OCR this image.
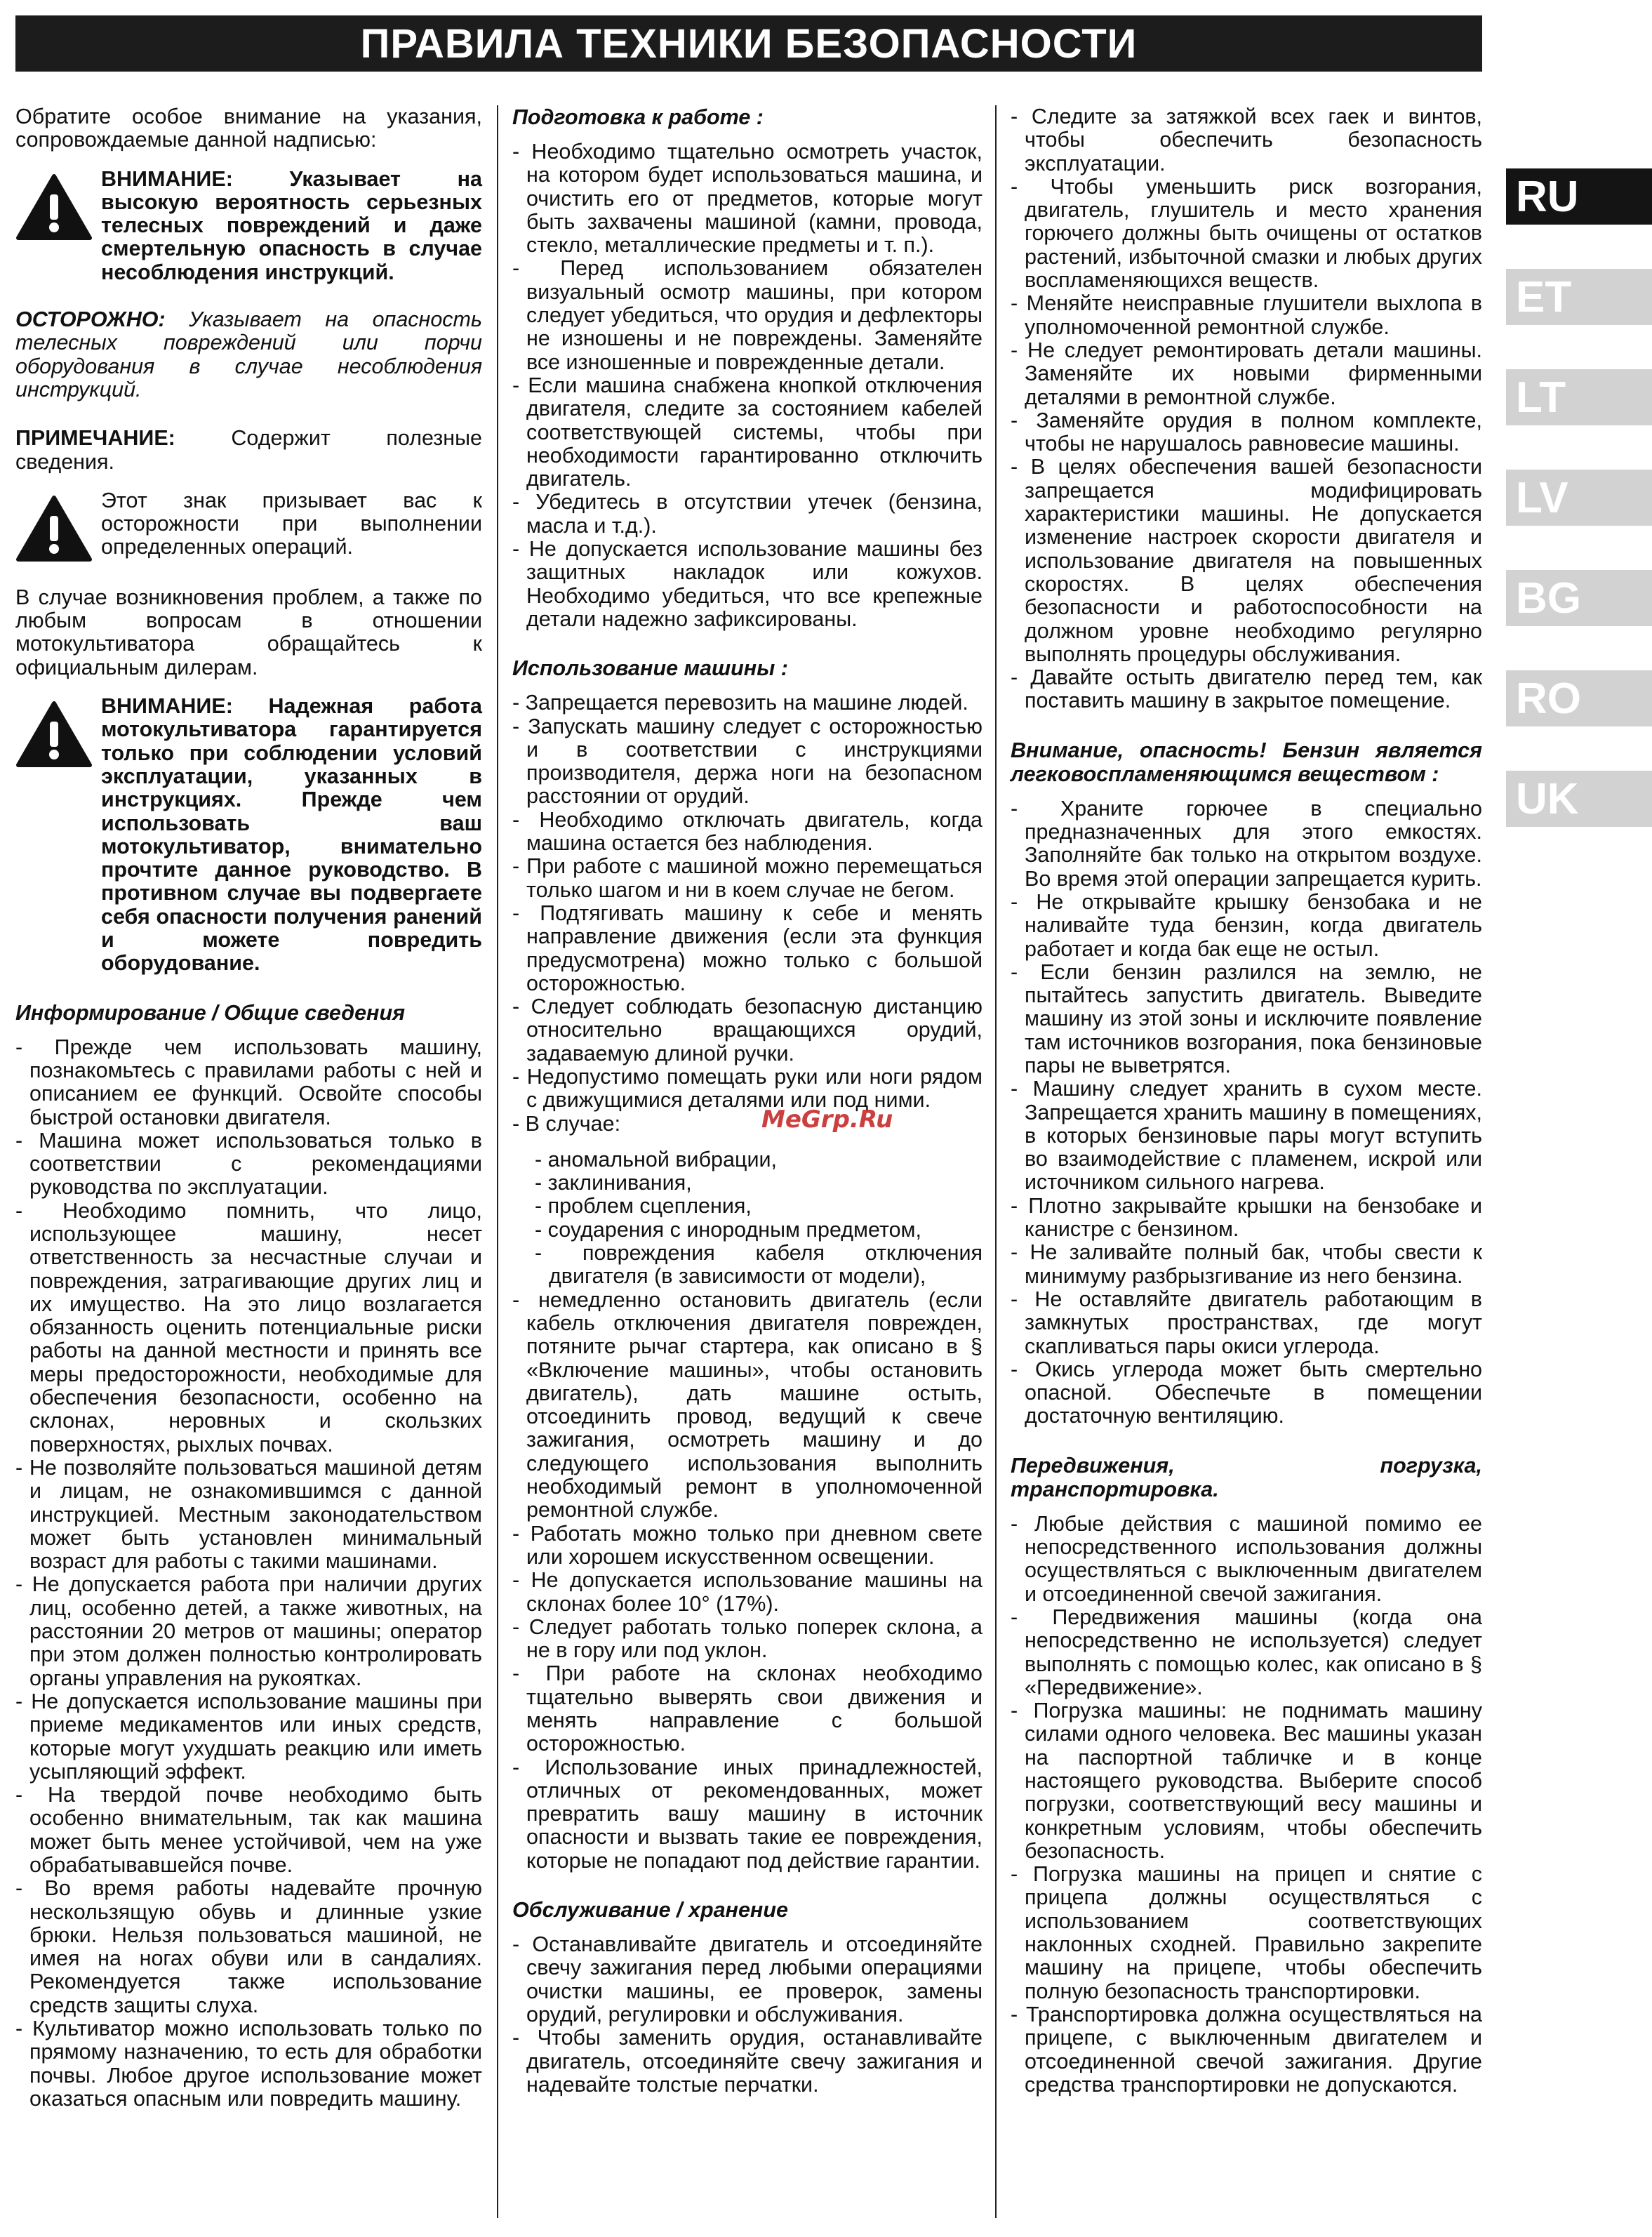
ПРАВИЛА ТЕХНИКИ БЕЗОПАСНОСТИ

Обратите особое внимание на указания, сопровождаемые данной надписью:

ВНИМАНИЕ: Указывает на высокую вероятность серьезных телесных повреждений и даже смертельную опасность в случае несоблюдения инструкций.

ОСТОРОЖНО: Указывает на опасность телесных повреждений или порчи оборудования в случае несоблюдения инструкций.

ПРИМЕЧАНИЕ: Содержит полезные сведения.

Этот знак призывает вас к осторожности при выполнении определенных операций.

В случае возникновения проблем, а также по любым вопросам в отношении мотокультиватора обращайтесь к официальным дилерам.

ВНИМАНИЕ: Надежная работа мотокультиватора гарантируется только при соблюдении условий эксплуатации, указанных в инструкциях. Прежде чем использовать ваш мотокультиватор, внимательно прочтите данное руководство. В противном случае вы подвергаете себя опасности получения ранений и можете повредить оборудование.
Информирование / Общие сведения
- Прежде чем использовать машину, познакомьтесь с правилами работы с ней и описанием ее функций. Освойте способы быстрой остановки двигателя.
- Машина может использоваться только в соответствии с рекомендациями руководства по эксплуатации.
- Необходимо помнить, что лицо, использующее машину, несет ответственность за несчастные случаи и повреждения, затрагивающие других лиц и их имущество. На это лицо возлагается обязанность оценить потенциальные риски работы на данной местности и принять все меры предосторожности, необходимые для обеспечения безопасности, особенно на склонах, неровных и скользких поверхностях, рыхлых почвах.
- Не позволяйте пользоваться машиной детям и лицам, не ознакомившимся с данной инструкцией. Местным законодательством может быть установлен минимальный возраст для работы с такими машинами.
- Не допускается работа при наличии других лиц, особенно детей, а также животных, на расстоянии 20 метров от машины; оператор при этом должен полностью контролировать органы управления на рукоятках.
- Не допускается использование машины при приеме медикаментов или иных средств, которые могут ухудшать реакцию или иметь усыпляющий эффект.
- На твердой почве необходимо быть особенно внимательным, так как машина может быть менее устойчивой, чем на уже обрабатывавшейся почве.
- Во время работы надевайте прочную нескользящую обувь и длинные узкие брюки. Нельзя пользоваться машиной, не имея на ногах обуви или в сандалиях. Рекомендуется также использование средств защиты слуха.
- Культиватор можно использовать только по прямому назначению, то есть для обработки почвы. Любое другое использование может оказаться опасным или повредить машину.
Подготовка к работе :
- Необходимо тщательно осмотреть участок, на котором будет использоваться машина, и очистить его от предметов, которые могут быть захвачены машиной (камни, провода, стекло, металлические предметы и т. п.).
- Перед использованием обязателен визуальный осмотр машины, при котором следует убедиться, что орудия и дефлекторы не изношены и не повреждены. Заменяйте все изношенные и поврежденные детали.
- Если машина снабжена кнопкой отключения двигателя, следите за состоянием кабелей соответствующей системы, чтобы при необходимости гарантированно отключить двигатель.
- Убедитесь в отсутствии утечек (бензина, масла и т.д.).
- Не допускается использование машины без защитных накладок или кожухов. Необходимо убедиться, что все крепежные детали надежно зафиксированы.
Использование машины :
- Запрещается перевозить на машине людей.
- Запускать машину следует с осторожностью и в соответствии с инструкциями производителя, держа ноги на безопасном расстоянии от орудий.
- Необходимо отключать двигатель, когда машина остается без наблюдения.
- При работе с машиной можно перемещаться только шагом и ни в коем случае не бегом.
- Подтягивать машину к себе и менять направление движения (если эта функция предусмотрена) можно только с большой осторожностью.
- Следует соблюдать безопасную дистанцию относительно вращающихся орудий, задаваемую длиной ручки.
- Недопустимо помещать руки или ноги рядом с движущимися деталями или под ними.
- В случае:
- аномальной вибрации,
- заклинивания,
- проблем сцепления,
- соударения с инородным предметом,
- повреждения кабеля отключения двигателя (в зависимости от модели),
- немедленно остановить двигатель (если кабель отключения двигателя поврежден, потяните рычаг стартера, как описано в § «Включение машины», чтобы остановить двигатель), дать машине остыть, отсоединить провод, ведущий к свече зажигания, осмотреть машину и до следующего использования выполнить необходимый ремонт в уполномоченной ремонтной службе.
- Работать можно только при дневном свете или хорошем искусственном освещении.
- Не допускается использование машины на склонах более 10° (17%).
- Следует работать только поперек склона, а не в гору или под уклон.
- При работе на склонах необходимо тщательно выверять свои движения и менять направление с большой осторожностью.
- Использование иных принадлежностей, отличных от рекомендованных, может превратить вашу машину в источник опасности и вызвать такие ее повреждения, которые не попадают под действие гарантии.
Обслуживание / хранение
- Останавливайте двигатель и отсоединяйте свечу зажигания перед любыми операциями очистки машины, ее проверок, замены орудий, регулировки и обслуживания.
- Чтобы заменить орудия, останавливайте двигатель, отсоединяйте свечу зажигания и надевайте толстые перчатки.
- Следите за затяжкой всех гаек и винтов, чтобы обеспечить безопасность эксплуатации.
- Чтобы уменьшить риск возгорания, двигатель, глушитель и место хранения горючего должны быть очищены от остатков растений, избыточной смазки и любых других воспламеняющихся веществ.
- Меняйте неисправные глушители выхлопа в уполномоченной ремонтной службе.
- Не следует ремонтировать детали машины. Заменяйте их новыми фирменными деталями в ремонтной службе.
- Заменяйте орудия в полном комплекте, чтобы не нарушалось равновесие машины.
- В целях обеспечения вашей безопасности запрещается модифицировать характеристики машины. Не допускается изменение настроек скорости двигателя и использование двигателя на повышенных скоростях. В целях обеспечения безопасности и работоспособности на должном уровне необходимо регулярно выполнять процедуры обслуживания.
- Давайте остыть двигателю перед тем, как поставить машину в закрытое помещение.
Внимание, опасность! Бензин является легковоспламеняющимся веществом :
- Храните горючее в специально предназначенных для этого емкостях. Заполняйте бак только на открытом воздухе. Во время этой операции запрещается курить.
- Не открывайте крышку бензобака и не наливайте туда бензин, когда двигатель работает и когда бак еще не остыл.
- Если бензин разлился на землю, не пытайтесь запустить двигатель. Выведите машину из этой зоны и исключите появление там источников возгорания, пока бензиновые пары не выветрятся.
- Машину следует хранить в сухом месте. Запрещается хранить машину в помещениях, в которых бензиновые пары могут вступить во взаимодействие с пламенем, искрой или источником сильного нагрева.
- Плотно закрывайте крышки на бензобаке и канистре с бензином.
- Не заливайте полный бак, чтобы свести к минимуму разбрызгивание из него бензина.
- Не оставляйте двигатель работающим в замкнутых пространствах, где могут скапливаться пары окиси углерода.
- Окись углерода может быть смертельно опасной. Обеспечьте в помещении достаточную вентиляцию.
Передвижения, погрузка, транспортировка.
- Любые действия с машиной помимо ее непосредственного использования должны осуществляться с выключенным двигателем и отсоединенной свечой зажигания.
- Передвижения машины (когда она непосредственно не используется) следует выполнять с помощью колес, как описано в § «Передвижение».
- Погрузка машины: не поднимать машину силами одного человека. Вес машины указан на паспортной табличке и в конце настоящего руководства. Выберите способ погрузки, соответствующий весу машины и конкретным условиям, чтобы обеспечить безопасность.
- Погрузка машины на прицеп и снятие с прицепа должны осуществляться с использованием соответствующих наклонных сходней. Правильно закрепите машину на прицепе, чтобы обеспечить полную безопасность транспортировки.
- Транспортировка должна осуществляться на прицепе, с выключенным двигателем и отсоединенной свечой зажигания. Другие средства транспортировки не допускаются.
RU
ET
LT
LV
BG
RO
UK
MeGrp.Ru
